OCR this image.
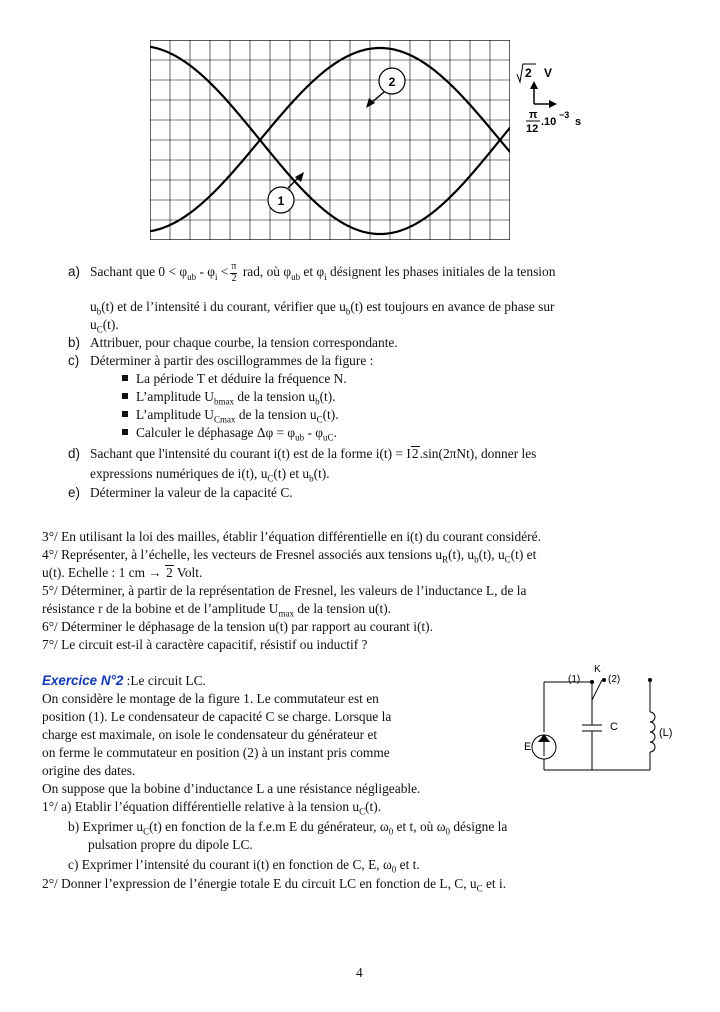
2
1
2 V
π
12
.10
−3
s
a) Sachant que $0 < \varphi_{ub} - \varphi_i < \frac{\pi}{2}$ rad, où $\varphi_{ub}$ et $\varphi_i$ désignent les phases initiales de la tension
$u_b(t)$ et de l’intensité i du courant, vérifier que $u_b(t)$ est toujours en avance de phase sur
$u_C(t)$.
b) Attribuer, pour chaque courbe, la tension correspondante.
c) Déterminer à partir des oscillogrammes de la figure :
La période T et déduire la fréquence N.
L’amplitude $U_{bmax}$ de la tension $u_b(t)$.
L’amplitude $U_{Cmax}$ de la tension $u_C(t)$.
Calculer le déphasage $\Delta\varphi = \varphi_{ub} - \varphi_{uC}$.
d) Sachant que l'intensité du courant i(t) est de la forme i(t) = I2.sin(2πNt), donner les
expressions numériques de i(t), $u_C(t)$ et $u_b(t)$.
e) Déterminer la valeur de la capacité C.
3°/ En utilisant la loi des mailles, établir l’équation différentielle en i(t) du courant considéré.
4°/ Représenter, à l’échelle, les vecteurs de Fresnel associés aux tensions $u_R(t)$, $u_b(t)$, $u_C(t)$ et
u(t). Echelle : 1 cm → 2 Volt.
5°/ Déterminer, à partir de la représentation de Fresnel, les valeurs de l’inductance L, de la
résistance r de la bobine et de l’amplitude $U_{max}$ de la tension u(t).
6°/ Déterminer le déphasage de la tension u(t) par rapport au courant i(t).
7°/ Le circuit est-il à caractère capacitif, résistif ou inductif ?
Exercice N°2 :Le circuit LC.
On considère le montage de la figure 1. Le commutateur est en
position (1). Le condensateur de capacité C se charge. Lorsque la
charge est maximale, on isole le condensateur du générateur et
on ferme le commutateur en position (2) à un instant pris comme
origine des dates.
On suppose que la bobine d’inductance L a une résistance négligeable.
1°/ a) Etablir l’équation différentielle relative à la tension $u_C(t)$.
b) Exprimer $u_C(t)$ en fonction de la f.e.m E du générateur, $\omega_0$ et t, où $\omega_0$ désigne la
pulsation propre du dipole LC.
c) Exprimer l’intensité du courant i(t) en fonction de C, E, $\omega_0$ et t.
2°/ Donner l’expression de l’énergie totale E du circuit LC en fonction de L, C, $u_C$ et i.
(1)
K
(2)
E
C	(L)
4
